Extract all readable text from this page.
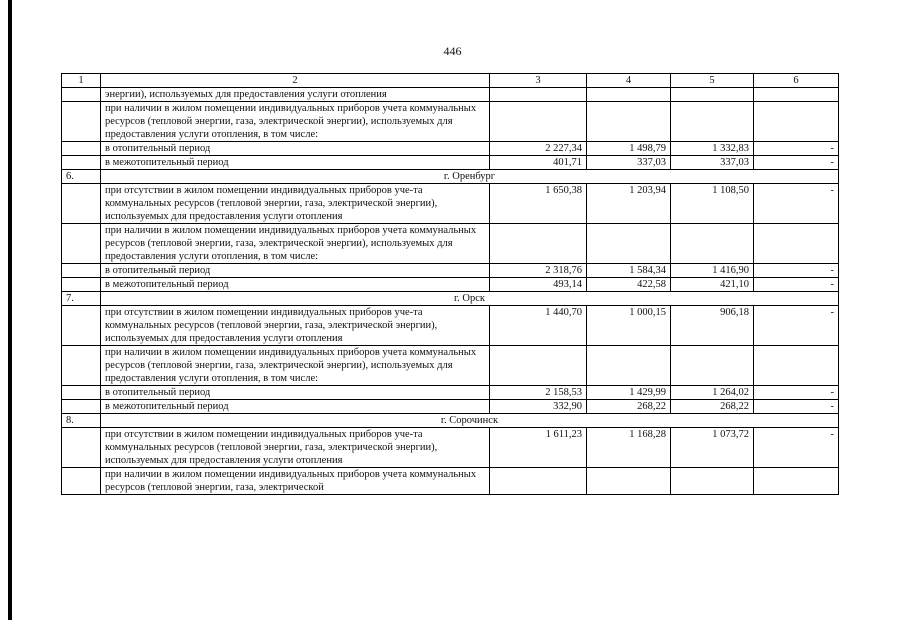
446
1	2	3	4	5	6
	энергии), используемых для предоставления услуги отопления				
	при наличии в жилом помещении индивидуальных приборов учета коммунальных ресурсов (тепловой энергии, газа, электрической энергии), используемых для предоставления услуги отопления, в том числе:				
	в отопительный период	2 227,34	1 498,79	1 332,83	-
	в межотопительный период	401,71	337,03	337,03	-
6.	г. Оренбург				
	при отсутствии в жилом помещении индивидуальных приборов уче-та коммунальных ресурсов (тепловой энергии, газа, электрической энергии), используемых для предоставления услуги отопления	1 650,38	1 203,94	1 108,50	-
	при наличии в жилом помещении индивидуальных приборов учета коммунальных ресурсов (тепловой энергии, газа, электрической энергии), используемых для предоставления услуги отопления, в том числе:				
	в отопительный период	2 318,76	1 584,34	1 416,90	-
	в межотопительный период	493,14	422,58	421,10	-
7.	г. Орск				
	при отсутствии в жилом помещении индивидуальных приборов уче-та коммунальных ресурсов (тепловой энергии, газа, электрической энергии), используемых для предоставления услуги отопления	1 440,70	1 000,15	906,18	-
	при наличии в жилом помещении индивидуальных приборов учета коммунальных ресурсов (тепловой энергии, газа, электрической энергии), используемых для предоставления услуги отопления, в том числе:				
	в отопительный период	2 158,53	1 429,99	1 264,02	-
	в межотопительный период	332,90	268,22	268,22	-
8.	г. Сорочинск				
	при отсутствии в жилом помещении индивидуальных приборов уче-та коммунальных ресурсов (тепловой энергии, газа, электрической энергии), используемых для предоставления услуги отопления	1 611,23	1 168,28	1 073,72	-
	при наличии в жилом помещении индивидуальных приборов учета коммунальных ресурсов (тепловой энергии, газа, электрической				
